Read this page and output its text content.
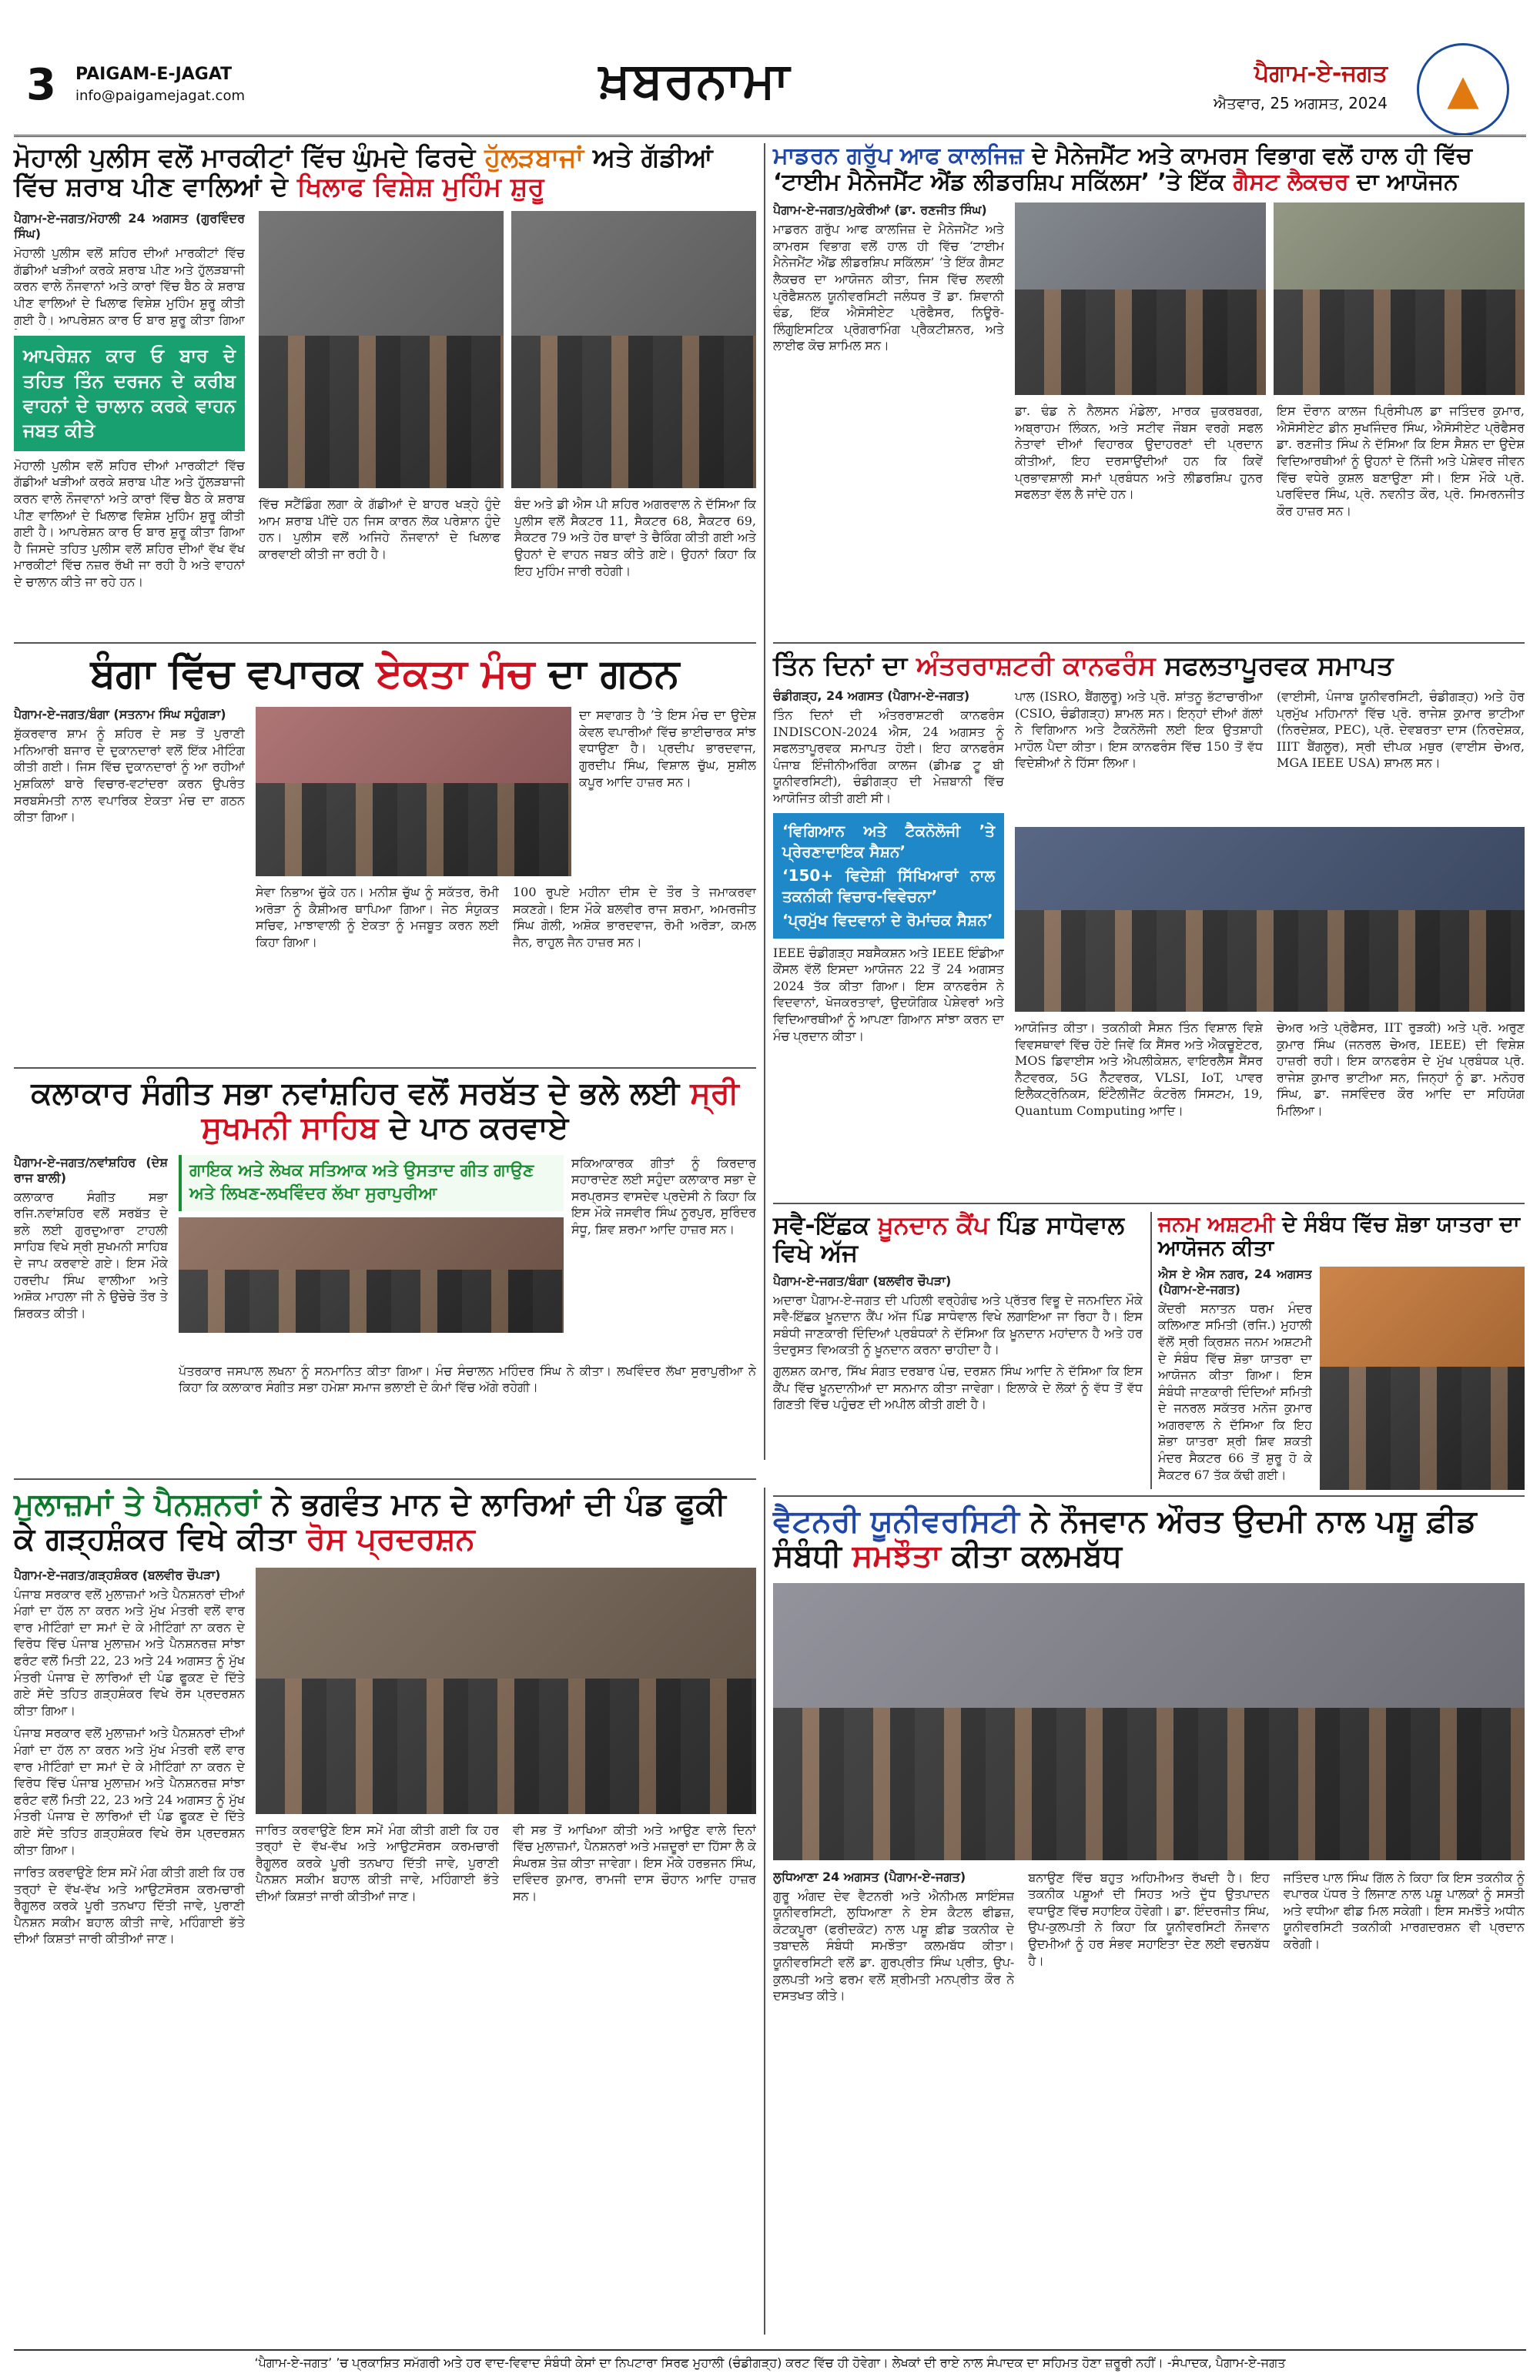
3 PAIGAM-E-JAGAT
info@paigamejagat.com	ਖ਼ਬਰਨਾਮਾ	ਪੈਗਾਮ-ਏ-ਜਗਤ
ਐਤਵਾਰ, 25 ਅਗਸਤ, 2024	▲
ਮੋਹਾਲੀ ਪੁਲੀਸ ਵਲੋਂ ਮਾਰਕੀਟਾਂ ਵਿੱਚ ਘੁੰਮਦੇ ਫਿਰਦੇ ਹੁੱਲੜਬਾਜਾਂ ਅਤੇ ਗੱਡੀਆਂ ਵਿੱਚ ਸ਼ਰਾਬ ਪੀਣ ਵਾਲਿਆਂ ਦੇ ਖਿਲਾਫ ਵਿਸ਼ੇਸ਼ ਮੁਹਿੰਮ ਸ਼ੁਰੂ
ਪੈਗਾਮ-ਏ-ਜਗਤ/ਮੋਹਾਲੀ 24 ਅਗਸਤ (ਗੁਰਵਿੰਦਰ ਸਿੰਘ)
ਮੋਹਾਲੀ ਪੁਲੀਸ ਵਲੋਂ ਸ਼ਹਿਰ ਦੀਆਂ ਮਾਰਕੀਟਾਂ ਵਿੱਚ ਗੱਡੀਆਂ ਖੜੀਆਂ ਕਰਕੇ ਸ਼ਰਾਬ ਪੀਣ ਅਤੇ ਹੁੱਲੜਬਾਜੀ ਕਰਨ ਵਾਲੇ ਨੌਜਵਾਨਾਂ ਅਤੇ ਕਾਰਾਂ ਵਿੱਚ ਬੈਠ ਕੇ ਸ਼ਰਾਬ ਪੀਣ ਵਾਲਿਆਂ ਦੇ ਖਿਲਾਫ ਵਿਸ਼ੇਸ਼ ਮੁਹਿੰਮ ਸ਼ੁਰੂ ਕੀਤੀ ਗਈ ਹੈ। ਆਪਰੇਸ਼ਨ ਕਾਰ ਓ ਬਾਰ ਸ਼ੁਰੂ ਕੀਤਾ ਗਿਆ
ਆਪਰੇਸ਼ਨ ਕਾਰ ਓ ਬਾਰ ਦੇ ਤਹਿਤ ਤਿੰਨ ਦਰਜਨ ਦੇ ਕਰੀਬ ਵਾਹਨਾਂ ਦੇ ਚਾਲਾਨ ਕਰਕੇ ਵਾਹਨ ਜਬਤ ਕੀਤੇ
ਮੋਹਾਲੀ ਪੁਲੀਸ ਵਲੋਂ ਸ਼ਹਿਰ ਦੀਆਂ ਮਾਰਕੀਟਾਂ ਵਿੱਚ ਗੱਡੀਆਂ ਖੜੀਆਂ ਕਰਕੇ ਸ਼ਰਾਬ ਪੀਣ ਅਤੇ ਹੁੱਲੜਬਾਜੀ ਕਰਨ ਵਾਲੇ ਨੌਜਵਾਨਾਂ ਅਤੇ ਕਾਰਾਂ ਵਿੱਚ ਬੈਠ ਕੇ ਸ਼ਰਾਬ ਪੀਣ ਵਾਲਿਆਂ ਦੇ ਖਿਲਾਫ ਵਿਸ਼ੇਸ਼ ਮੁਹਿੰਮ ਸ਼ੁਰੂ ਕੀਤੀ ਗਈ ਹੈ। ਆਪਰੇਸ਼ਨ ਕਾਰ ਓ ਬਾਰ ਸ਼ੁਰੂ ਕੀਤਾ ਗਿਆ ਹੈ ਜਿਸਦੇ ਤਹਿਤ ਪੁਲੀਸ ਵਲੋਂ ਸ਼ਹਿਰ ਦੀਆਂ ਵੱਖ ਵੱਖ ਮਾਰਕੀਟਾਂ ਵਿੱਚ ਨਜ਼ਰ ਰੱਖੀ ਜਾ ਰਹੀ ਹੈ ਅਤੇ ਵਾਹਨਾਂ ਦੇ ਚਾਲਾਨ ਕੀਤੇ ਜਾ ਰਹੇ ਹਨ।
ਵਿੱਚ ਸਟੈਂਡਿੰਗ ਲਗਾ ਕੇ ਗੱਡੀਆਂ ਦੇ ਬਾਹਰ ਖੜ੍ਹੇ ਹੁੰਦੇ ਆਮ ਸ਼ਰਾਬ ਪੀਂਦੇ ਹਨ ਜਿਸ ਕਾਰਨ ਲੋਕ ਪਰੇਸ਼ਾਨ ਹੁੰਦੇ ਹਨ। ਪੁਲੀਸ ਵਲੋਂ ਅਜਿਹੇ ਨੌਜਵਾਨਾਂ ਦੇ ਖਿਲਾਫ ਕਾਰਵਾਈ ਕੀਤੀ ਜਾ ਰਹੀ ਹੈ।
ਬੰਦ ਅਤੇ ਡੀ ਐਸ ਪੀ ਸ਼ਹਿਰ ਅਗਰਵਾਲ ਨੇ ਦੱਸਿਆ ਕਿ ਪੁਲੀਸ ਵਲੋਂ ਸੈਕਟਰ 11, ਸੈਕਟਰ 68, ਸੈਕਟਰ 69, ਸੈਕਟਰ 79 ਅਤੇ ਹੋਰ ਥਾਵਾਂ ਤੇ ਚੈਕਿੰਗ ਕੀਤੀ ਗਈ ਅਤੇ ਉਹਨਾਂ ਦੇ ਵਾਹਨ ਜਬਤ ਕੀਤੇ ਗਏ। ਉਹਨਾਂ ਕਿਹਾ ਕਿ ਇਹ ਮੁਹਿੰਮ ਜਾਰੀ ਰਹੇਗੀ।
ਮਾਡਰਨ ਗਰੁੱਪ ਆਫ ਕਾਲਜਿਜ਼ ਦੇ ਮੈਨੇਜਮੈਂਟ ਅਤੇ ਕਾਮਰਸ ਵਿਭਾਗ ਵਲੋਂ ਹਾਲ ਹੀ ਵਿੱਚ ‘ਟਾਈਮ ਮੈਨੇਜਮੈਂਟ ਐਂਡ ਲੀਡਰਸ਼ਿਪ ਸਕਿੱਲਸ’ ’ਤੇ ਇੱਕ ਗੈਸਟ ਲੈਕਚਰ ਦਾ ਆਯੋਜਨ
ਪੈਗਾਮ-ਏ-ਜਗਤ/ਮੁਕੇਰੀਆਂ (ਡਾ. ਰਣਜੀਤ ਸਿੰਘ)
ਮਾਡਰਨ ਗਰੁੱਪ ਆਫ ਕਾਲਜਿਜ਼ ਦੇ ਮੈਨੇਜਮੈਂਟ ਅਤੇ ਕਾਮਰਸ ਵਿਭਾਗ ਵਲੋਂ ਹਾਲ ਹੀ ਵਿੱਚ ‘ਟਾਈਮ ਮੈਨੇਜਮੈਂਟ ਐਂਡ ਲੀਡਰਸ਼ਿਪ ਸਕਿੱਲਸ’ ’ਤੇ ਇੱਕ ਗੈਸਟ ਲੈਕਚਰ ਦਾ ਆਯੋਜਨ ਕੀਤਾ, ਜਿਸ ਵਿੱਚ ਲਵਲੀ ਪ੍ਰੋਫੈਸ਼ਨਲ ਯੂਨੀਵਰਸਿਟੀ ਜਲੰਧਰ ਤੋਂ ਡਾ. ਸ਼ਿਵਾਨੀ ਢੰਡ, ਇੱਕ ਐਸੋਸੀਏਟ ਪ੍ਰੋਫੈਸਰ, ਨਿਊਰੋ-ਲਿੰਗੁਇਸਟਿਕ ਪ੍ਰੋਗਰਾਮਿੰਗ ਪ੍ਰੈਕਟੀਸ਼ਨਰ, ਅਤੇ ਲਾਈਫ ਕੋਚ ਸ਼ਾਮਿਲ ਸਨ।
ਡਾ. ਢੰਡ ਨੇ ਨੈਲਸਨ ਮੰਡੇਲਾ, ਮਾਰਕ ਜ਼ੁਕਰਬਰਗ, ਅਬ੍ਰਾਹਮ ਲਿੰਕਨ, ਅਤੇ ਸਟੀਵ ਜੌਬਸ ਵਰਗੇ ਸਫਲ ਨੇਤਾਵਾਂ ਦੀਆਂ ਵਿਹਾਰਕ ਉਦਾਹਰਣਾਂ ਦੀ ਪ੍ਰਦਾਨ ਕੀਤੀਆਂ, ਇਹ ਦਰਸਾਉਂਦੀਆਂ ਹਨ ਕਿ ਕਿਵੇਂ ਪ੍ਰਭਾਵਸ਼ਾਲੀ ਸਮਾਂ ਪ੍ਰਬੰਧਨ ਅਤੇ ਲੀਡਰਸ਼ਿਪ ਹੁਨਰ ਸਫਲਤਾ ਵੱਲ ਲੈ ਜਾਂਦੇ ਹਨ।
ਇਸ ਦੌਰਾਨ ਕਾਲਜ ਪ੍ਰਿੰਸੀਪਲ ਡਾ ਜਤਿੰਦਰ ਕੁਮਾਰ, ਐਸੋਸੀਏਟ ਡੀਨ ਸੁਖਜਿੰਦਰ ਸਿੰਘ, ਐਸੋਸੀਏਟ ਪ੍ਰੋਫੈਸਰ ਡਾ. ਰਣਜੀਤ ਸਿੰਘ ਨੇ ਦੱਸਿਆ ਕਿ ਇਸ ਸੈਸ਼ਨ ਦਾ ਉਦੇਸ਼ ਵਿਦਿਆਰਥੀਆਂ ਨੂੰ ਉਹਨਾਂ ਦੇ ਨਿੱਜੀ ਅਤੇ ਪੇਸ਼ੇਵਰ ਜੀਵਨ ਵਿੱਚ ਵਧੇਰੇ ਕੁਸ਼ਲ ਬਣਾਉਣਾ ਸੀ। ਇਸ ਮੌਕੇ ਪ੍ਰੋ. ਪਰਵਿੰਦਰ ਸਿੰਘ, ਪ੍ਰੋ. ਨਵਨੀਤ ਕੌਰ, ਪ੍ਰੋ. ਸਿਮਰਨਜੀਤ ਕੌਰ ਹਾਜ਼ਰ ਸਨ।
ਬੰਗਾ ਵਿੱਚ ਵਪਾਰਕ ਏਕਤਾ ਮੰਚ ਦਾ ਗਠਨ
ਪੈਗਾਮ-ਏ-ਜਗਤ/ਬੰਗਾ (ਸਤਨਾਮ ਸਿੰਘ ਸਹੁੰਗੜਾ)
ਸ਼ੁੱਕਰਵਾਰ ਸ਼ਾਮ ਨੂੰ ਸ਼ਹਿਰ ਦੇ ਸਭ ਤੋਂ ਪੁਰਾਣੀ ਮਨਿਆਰੀ ਬਜਾਰ ਦੇ ਦੁਕਾਨਦਾਰਾਂ ਵਲੋਂ ਇੱਕ ਮੀਟਿੰਗ ਕੀਤੀ ਗਈ। ਜਿਸ ਵਿੱਚ ਦੁਕਾਨਦਾਰਾਂ ਨੂੰ ਆ ਰਹੀਆਂ ਮੁਸ਼ਕਿਲਾਂ ਬਾਰੇ ਵਿਚਾਰ-ਵਟਾਂਦਰਾ ਕਰਨ ਉਪਰੰਤ ਸਰਬਸੰਮਤੀ ਨਾਲ ਵਪਾਰਿਕ ਏਕਤਾ ਮੰਚ ਦਾ ਗਠਨ ਕੀਤਾ ਗਿਆ।
ਦਾ ਸਵਾਗਤ ਹੈ ’ਤੇ ਇਸ ਮੰਚ ਦਾ ਉਦੇਸ਼ ਕੇਵਲ ਵਪਾਰੀਆਂ ਵਿੱਚ ਭਾਈਚਾਰਕ ਸਾਂਝ ਵਧਾਉਣਾ ਹੈ। ਪ੍ਰਦੀਪ ਭਾਰਦਵਾਜ, ਗੁਰਦੀਪ ਸਿੰਘ, ਵਿਸ਼ਾਲ ਚੁੱਘ, ਸੁਸ਼ੀਲ ਕਪੂਰ ਆਦਿ ਹਾਜ਼ਰ ਸਨ।
ਸੇਵਾ ਨਿਭਾਅ ਚੁੱਕੇ ਹਨ। ਮਨੀਸ਼ ਚੁੱਘ ਨੂੰ ਸਕੱਤਰ, ਰੋਮੀ ਅਰੋੜਾ ਨੂੰ ਕੈਸ਼ੀਅਰ ਥਾਪਿਆ ਗਿਆ। ਜੇਠ ਸੰਯੁਕਤ ਸਚਿਵ, ਮਾਝਾਵਾਲੀ ਨੂੰ ਏਕਤਾ ਨੂੰ ਮਜਬੂਤ ਕਰਨ ਲਈ ਕਿਹਾ ਗਿਆ।
100 ਰੁਪਏ ਮਹੀਨਾ ਦੀਸ ਦੇ ਤੌਰ ਤੇ ਜਮਾਕਰਵਾ ਸਕਣਗੇ। ਇਸ ਮੌਕੇ ਬਲਵੀਰ ਰਾਜ ਸ਼ਰਮਾ, ਅਮਰਜੀਤ ਸਿੰਘ ਗੋਲੀ, ਅਸ਼ੋਕ ਭਾਰਦਵਾਜ, ਰੋਮੀ ਅਰੋੜਾ, ਕਮਲ ਜੈਨ, ਰਾਹੁਲ ਜੈਨ ਹਾਜ਼ਰ ਸਨ।
ਤਿੰਨ ਦਿਨਾਂ ਦਾ ਅੰਤਰਰਾਸ਼ਟਰੀ ਕਾਨਫਰੰਸ ਸਫਲਤਾਪੂਰਵਕ ਸਮਾਪਤ
ਚੰਡੀਗੜ੍ਹ, 24 ਅਗਸਤ (ਪੈਗਾਮ-ਏ-ਜਗਤ)
ਤਿੰਨ ਦਿਨਾਂ ਦੀ ਅੰਤਰਰਾਸ਼ਟਰੀ ਕਾਨਫਰੰਸ INDISCON-2024 ਐਸ, 24 ਅਗਸਤ ਨੂੰ ਸਫਲਤਾਪੂਰਵਕ ਸਮਾਪਤ ਹੋਈ। ਇਹ ਕਾਨਫਰੰਸ ਪੰਜਾਬ ਇੰਜੀਨੀਅਰਿੰਗ ਕਾਲਜ (ਡੀਮਡ ਟੂ ਬੀ ਯੂਨੀਵਰਸਿਟੀ), ਚੰਡੀਗੜ੍ਹ ਦੀ ਮੇਜ਼ਬਾਨੀ ਵਿੱਚ ਆਯੋਜਿਤ ਕੀਤੀ ਗਈ ਸੀ।
‘ਵਿਗਿਆਨ ਅਤੇ ਟੈਕਨੋਲੋਜੀ ’ਤੇ ਪ੍ਰੇਰਣਾਦਾਇਕ ਸੈਸ਼ਨ’
‘150+ ਵਿਦੇਸ਼ੀ ਸਿੱਖਿਆਰਾਂ ਨਾਲ ਤਕਨੀਕੀ ਵਿਚਾਰ-ਵਿਵੇਚਨਾ’
‘ਪ੍ਰਮੁੱਖ ਵਿਦਵਾਨਾਂ ਦੇ ਰੋਮਾਂਚਕ ਸੈਸ਼ਨ’
IEEE ਚੰਡੀਗੜ੍ਹ ਸਬਸੈਕਸ਼ਨ ਅਤੇ IEEE ਇੰਡੀਆ ਕੌਂਸਲ ਵੱਲੋਂ ਇਸਦਾ ਆਯੋਜਨ 22 ਤੋਂ 24 ਅਗਸਤ 2024 ਤੱਕ ਕੀਤਾ ਗਿਆ। ਇਸ ਕਾਨਫਰੰਸ ਨੇ ਵਿਦਵਾਨਾਂ, ਖੋਜਕਰਤਾਵਾਂ, ਉਦਯੋਗਿਕ ਪੇਸ਼ੇਵਰਾਂ ਅਤੇ ਵਿਦਿਆਰਥੀਆਂ ਨੂੰ ਆਪਣਾ ਗਿਆਨ ਸਾਂਝਾ ਕਰਨ ਦਾ ਮੰਚ ਪ੍ਰਦਾਨ ਕੀਤਾ।
ਪਾਲ (ISRO, ਬੈਂਗਲੁਰੂ) ਅਤੇ ਪ੍ਰੋ. ਸ਼ਾਂਤਨੂ ਭੱਟਾਚਾਰੀਆ (CSIO, ਚੰਡੀਗੜ੍ਹ) ਸ਼ਾਮਲ ਸਨ। ਇਨ੍ਹਾਂ ਦੀਆਂ ਗੱਲਾਂ ਨੇ ਵਿਗਿਆਨ ਅਤੇ ਟੈਕਨੋਲੋਜੀ ਲਈ ਇਕ ਉਤਸ਼ਾਹੀ ਮਾਹੌਲ ਪੈਦਾ ਕੀਤਾ। ਇਸ ਕਾਨਫਰੰਸ ਵਿੱਚ 150 ਤੋਂ ਵੱਧ ਵਿਦੇਸ਼ੀਆਂ ਨੇ ਹਿੱਸਾ ਲਿਆ।
(ਵਾਈਸੀ, ਪੰਜਾਬ ਯੂਨੀਵਰਸਿਟੀ, ਚੰਡੀਗੜ੍ਹ) ਅਤੇ ਹੋਰ ਪ੍ਰਮੁੱਖ ਮਹਿਮਾਨਾਂ ਵਿੱਚ ਪ੍ਰੋ. ਰਾਜੇਸ਼ ਕੁਮਾਰ ਭਾਟੀਆ (ਨਿਰਦੇਸ਼ਕ, PEC), ਪ੍ਰੋ. ਦੇਵਬਰਤਾ ਦਾਸ (ਨਿਰਦੇਸ਼ਕ, IIIT ਬੈਂਗਲੂਰ), ਸ੍ਰੀ ਦੀਪਕ ਮਥੁਰ (ਵਾਈਸ ਚੇਅਰ, MGA IEEE USA) ਸ਼ਾਮਲ ਸਨ।
ਆਯੋਜਿਤ ਕੀਤਾ। ਤਕਨੀਕੀ ਸੈਸ਼ਨ ਤਿੰਨ ਵਿਸ਼ਾਲ ਵਿਸ਼ੇ ਵਿਵਸਥਾਵਾਂ ਵਿੱਚ ਹੋਏ ਜਿਵੇਂ ਕਿ ਸੈਂਸਰ ਅਤੇ ਐਕਚੂਏਟਰ, MOS ਡਿਵਾਈਸ ਅਤੇ ਐਪਲੀਕੇਸ਼ਨ, ਵਾਇਰਲੈਸ ਸੈਂਸਰ ਨੈੱਟਵਰਕ, 5G ਨੈੱਟਵਰਕ, VLSI, IoT, ਪਾਵਰ ਇਲੈਕਟ੍ਰੋਨਿਕਸ, ਇੰਟੈਲੀਜੈਂਟ ਕੰਟਰੋਲ ਸਿਸਟਮ, 19, Quantum Computing ਆਦਿ।
ਚੇਅਰ ਅਤੇ ਪ੍ਰੋਫੈਸਰ, IIT ਰੁੜਕੀ) ਅਤੇ ਪ੍ਰੋ. ਅਰੁਣ ਕੁਮਾਰ ਸਿੰਘ (ਜਨਰਲ ਚੇਅਰ, IEEE) ਦੀ ਵਿਸ਼ੇਸ਼ ਹਾਜ਼ਰੀ ਰਹੀ। ਇਸ ਕਾਨਫਰੰਸ ਦੇ ਮੁੱਖ ਪ੍ਰਬੰਧਕ ਪ੍ਰੋ. ਰਾਜੇਸ਼ ਕੁਮਾਰ ਭਾਟੀਆ ਸਨ, ਜਿਨ੍ਹਾਂ ਨੂੰ ਡਾ. ਮਨੋਹਰ ਸਿੰਘ, ਡਾ. ਜਸਵਿੰਦਰ ਕੌਰ ਆਦਿ ਦਾ ਸਹਿਯੋਗ ਮਿਲਿਆ।
ਕਲਾਕਾਰ ਸੰਗੀਤ ਸਭਾ ਨਵਾਂਸ਼ਹਿਰ ਵਲੋਂ ਸਰਬੱਤ ਦੇ ਭਲੇ ਲਈ ਸ੍ਰੀ ਸੁਖਮਨੀ ਸਾਹਿਬ ਦੇ ਪਾਠ ਕਰਵਾਏ
ਪੈਗਾਮ-ਏ-ਜਗਤ/ਨਵਾਂਸ਼ਹਿਰ (ਦੇਸ਼ ਰਾਜ ਬਾਲੀ)
ਕਲਾਕਾਰ ਸੰਗੀਤ ਸਭਾ ਰਜਿ.ਨਵਾਂਸ਼ਹਿਰ ਵਲੋਂ ਸਰਬੱਤ ਦੇ ਭਲੇ ਲਈ ਗੁਰਦੁਆਰਾ ਟਾਹਲੀ ਸਾਹਿਬ ਵਿਖੇ ਸ੍ਰੀ ਸੁਖਮਨੀ ਸਾਹਿਬ ਦੇ ਜਾਪ ਕਰਵਾਏ ਗਏ। ਇਸ ਮੌਕੇ ਹਰਦੀਪ ਸਿੰਘ ਵਾਲੀਆ ਅਤੇ ਅਸ਼ੋਕ ਮਾਹਲਾ ਜੀ ਨੇ ਉਚੇਚੇ ਤੌਰ ਤੇ ਸ਼ਿਰਕਤ ਕੀਤੀ।
ਗਾਇਕ ਅਤੇ ਲੇਖਕ ਸਤਿਆਕ ਅਤੇ ਉਸਤਾਦ ਗੀਤ ਗਾਉਣ ਅਤੇ ਲਿਖਣ-ਲਖਵਿੰਦਰ ਲੱਖਾ ਸੁਰਾਪੁਰੀਆ
ਸਕਿਆਕਾਰਕ ਗੀਤਾਂ ਨੂੰ ਕਿਰਦਾਰ ਸਹਾਰਾਦੇਣ ਲਈ ਸਹੁੰਦਾ ਕਲਾਕਾਰ ਸਭਾ ਦੇ ਸਰਪ੍ਰਸਤ ਵਾਸਦੇਵ ਪ੍ਰਦੇਸੀ ਨੇ ਕਿਹਾ ਕਿ ਇਸ ਮੌਕੇ ਜਸਵੀਰ ਸਿੰਘ ਨੂਰਪੁਰ, ਸੁਰਿੰਦਰ ਸੰਧੂ, ਸ਼ਿਵ ਸ਼ਰਮਾ ਆਦਿ ਹਾਜ਼ਰ ਸਨ।
ਪੱਤਰਕਾਰ ਜਸਪਾਲ ਲਖਨਾ ਨੂੰ ਸਨਮਾਨਿਤ ਕੀਤਾ ਗਿਆ। ਮੰਚ ਸੰਚਾਲਨ ਮਹਿੰਦਰ ਸਿੰਘ ਨੇ ਕੀਤਾ। ਲਖਵਿੰਦਰ ਲੱਖਾ ਸੁਰਾਪੁਰੀਆ ਨੇ ਕਿਹਾ ਕਿ ਕਲਾਕਾਰ ਸੰਗੀਤ ਸਭਾ ਹਮੇਸ਼ਾ ਸਮਾਜ ਭਲਾਈ ਦੇ ਕੰਮਾਂ ਵਿੱਚ ਅੱਗੇ ਰਹੇਗੀ।
ਸਵੈ-ਇੱਛਕ ਖ਼ੂਨਦਾਨ ਕੈਂਪ ਪਿੰਡ ਸਾਧੋਵਾਲ ਵਿਖੇ ਅੱਜ
ਪੈਗਾਮ-ਏ-ਜਗਤ/ਬੰਗਾ (ਬਲਵੀਰ ਚੌਪੜਾ)
ਅਦਾਰਾ ਪੈਗਾਮ-ਏ-ਜਗਤ ਦੀ ਪਹਿਲੀ ਵਰ੍ਹੇਗੰਢ ਅਤੇ ਪ੍ਰੱਤਰ ਵਿਭੂ ਦੇ ਜਨਮਦਿਨ ਮੌਕੇ ਸਵੈ-ਇੱਛਕ ਖ਼ੂਨਦਾਨ ਕੈਂਪ ਅੱਜ ਪਿੰਡ ਸਾਧੋਵਾਲ ਵਿਖੇ ਲਗਾਇਆ ਜਾ ਰਿਹਾ ਹੈ। ਇਸ ਸਬੰਧੀ ਜਾਣਕਾਰੀ ਦਿੰਦਿਆਂ ਪ੍ਰਬੰਧਕਾਂ ਨੇ ਦੱਸਿਆ ਕਿ ਖ਼ੂਨਦਾਨ ਮਹਾਂਦਾਨ ਹੈ ਅਤੇ ਹਰ ਤੰਦਰੁਸਤ ਵਿਅਕਤੀ ਨੂੰ ਖ਼ੂਨਦਾਨ ਕਰਨਾ ਚਾਹੀਦਾ ਹੈ।
ਗੁਲਸ਼ਨ ਕਮਾਰ, ਸਿੱਖ ਸੰਗਤ ਦਰਬਾਰ ਪੰਚ, ਦਰਸ਼ਨ ਸਿੰਘ ਆਦਿ ਨੇ ਦੱਸਿਆ ਕਿ ਇਸ ਕੈਂਪ ਵਿੱਚ ਖ਼ੂਨਦਾਨੀਆਂ ਦਾ ਸਨਮਾਨ ਕੀਤਾ ਜਾਵੇਗਾ। ਇਲਾਕੇ ਦੇ ਲੋਕਾਂ ਨੂੰ ਵੱਧ ਤੋਂ ਵੱਧ ਗਿਣਤੀ ਵਿੱਚ ਪਹੁੰਚਣ ਦੀ ਅਪੀਲ ਕੀਤੀ ਗਈ ਹੈ।
ਜਨਮ ਅਸ਼ਟਮੀ ਦੇ ਸੰਬੰਧ ਵਿੱਚ ਸ਼ੋਭਾ ਯਾਤਰਾ ਦਾ ਆਯੋਜਨ ਕੀਤਾ
ਐਸ ਏ ਐਸ ਨਗਰ, 24 ਅਗਸਤ (ਪੈਗਾਮ-ਏ-ਜਗਤ)
ਕੇਂਦਰੀ ਸਨਾਤਨ ਧਰਮ ਮੰਦਰ ਕਲਿਆਣ ਸਮਿਤੀ (ਰਜਿ.) ਮੁਹਾਲੀ ਵੱਲੋਂ ਸ੍ਰੀ ਕ੍ਰਿਸ਼ਨ ਜਨਮ ਅਸ਼ਟਮੀ ਦੇ ਸੰਬੰਧ ਵਿੱਚ ਸ਼ੋਭਾ ਯਾਤਰਾ ਦਾ ਆਯੋਜਨ ਕੀਤਾ ਗਿਆ। ਇਸ ਸੰਬੰਧੀ ਜਾਣਕਾਰੀ ਦਿੰਦਿਆਂ ਸਮਿਤੀ ਦੇ ਜਨਰਲ ਸਕੱਤਰ ਮਨੋਜ ਕੁਮਾਰ ਅਗਰਵਾਲ ਨੇ ਦੱਸਿਆ ਕਿ ਇਹ ਸ਼ੋਭਾ ਯਾਤਰਾ ਸ਼੍ਰੀ ਸ਼ਿਵ ਸ਼ਕਤੀ ਮੰਦਰ ਸੈਕਟਰ 66 ਤੋਂ ਸ਼ੁਰੂ ਹੋ ਕੇ ਸੈਕਟਰ 67 ਤੱਕ ਕੱਢੀ ਗਈ।
ਮੁਲਾਜ਼ਮਾਂ ਤੇ ਪੈਨਸ਼ਨਰਾਂ ਨੇ ਭਗਵੰਤ ਮਾਨ ਦੇ ਲਾਰਿਆਂ ਦੀ ਪੰਡ ਫੂਕੀ ਕੇ ਗੜ੍ਹਸ਼ੰਕਰ ਵਿਖੇ ਕੀਤਾ ਰੋਸ ਪ੍ਰਦਰਸ਼ਨ
ਪੈਗਾਮ-ਏ-ਜਗਤ/ਗੜ੍ਹਸ਼ੰਕਰ (ਬਲਵੀਰ ਚੌਪੜਾ)
ਪੰਜਾਬ ਸਰਕਾਰ ਵਲੋਂ ਮੁਲਾਜ਼ਮਾਂ ਅਤੇ ਪੈਨਸ਼ਨਰਾਂ ਦੀਆਂ ਮੰਗਾਂ ਦਾ ਹੱਲ ਨਾ ਕਰਨ ਅਤੇ ਮੁੱਖ ਮੰਤਰੀ ਵਲੋਂ ਵਾਰ ਵਾਰ ਮੀਟਿੰਗਾਂ ਦਾ ਸਮਾਂ ਦੇ ਕੇ ਮੀਟਿੰਗਾਂ ਨਾ ਕਰਨ ਦੇ ਵਿਰੋਧ ਵਿੱਚ ਪੰਜਾਬ ਮੁਲਾਜ਼ਮ ਅਤੇ ਪੈਨਸ਼ਨਰਜ਼ ਸਾਂਝਾ ਫਰੰਟ ਵਲੋਂ ਮਿਤੀ 22, 23 ਅਤੇ 24 ਅਗਸਤ ਨੂੰ ਮੁੱਖ ਮੰਤਰੀ ਪੰਜਾਬ ਦੇ ਲਾਰਿਆਂ ਦੀ ਪੰਡ ਫੂਕਣ ਦੇ ਦਿੱਤੇ ਗਏ ਸੱਦੇ ਤਹਿਤ ਗੜ੍ਹਸ਼ੰਕਰ ਵਿਖੇ ਰੋਸ ਪ੍ਰਦਰਸ਼ਨ ਕੀਤਾ ਗਿਆ।
ਪੰਜਾਬ ਸਰਕਾਰ ਵਲੋਂ ਮੁਲਾਜ਼ਮਾਂ ਅਤੇ ਪੈਨਸ਼ਨਰਾਂ ਦੀਆਂ ਮੰਗਾਂ ਦਾ ਹੱਲ ਨਾ ਕਰਨ ਅਤੇ ਮੁੱਖ ਮੰਤਰੀ ਵਲੋਂ ਵਾਰ ਵਾਰ ਮੀਟਿੰਗਾਂ ਦਾ ਸਮਾਂ ਦੇ ਕੇ ਮੀਟਿੰਗਾਂ ਨਾ ਕਰਨ ਦੇ ਵਿਰੋਧ ਵਿੱਚ ਪੰਜਾਬ ਮੁਲਾਜ਼ਮ ਅਤੇ ਪੈਨਸ਼ਨਰਜ਼ ਸਾਂਝਾ ਫਰੰਟ ਵਲੋਂ ਮਿਤੀ 22, 23 ਅਤੇ 24 ਅਗਸਤ ਨੂੰ ਮੁੱਖ ਮੰਤਰੀ ਪੰਜਾਬ ਦੇ ਲਾਰਿਆਂ ਦੀ ਪੰਡ ਫੂਕਣ ਦੇ ਦਿੱਤੇ ਗਏ ਸੱਦੇ ਤਹਿਤ ਗੜ੍ਹਸ਼ੰਕਰ ਵਿਖੇ ਰੋਸ ਪ੍ਰਦਰਸ਼ਨ ਕੀਤਾ ਗਿਆ।
ਜਾਰਿਤ ਕਰਵਾਉਣੇ ਇਸ ਸਮੇਂ ਮੰਗ ਕੀਤੀ ਗਈ ਕਿ ਹਰ ਤਰ੍ਹਾਂ ਦੇ ਵੱਖ-ਵੱਖ ਅਤੇ ਆਉਟਸੋਰਸ ਕਰਮਚਾਰੀ ਰੈਗੂਲਰ ਕਰਕੇ ਪੂਰੀ ਤਨਖਾਹ ਦਿੱਤੀ ਜਾਵੇ, ਪੁਰਾਣੀ ਪੈਨਸ਼ਨ ਸਕੀਮ ਬਹਾਲ ਕੀਤੀ ਜਾਵੇ, ਮਹਿੰਗਾਈ ਭੱਤੇ ਦੀਆਂ ਕਿਸ਼ਤਾਂ ਜਾਰੀ ਕੀਤੀਆਂ ਜਾਣ।
ਜਾਰਿਤ ਕਰਵਾਉਣੇ ਇਸ ਸਮੇਂ ਮੰਗ ਕੀਤੀ ਗਈ ਕਿ ਹਰ ਤਰ੍ਹਾਂ ਦੇ ਵੱਖ-ਵੱਖ ਅਤੇ ਆਉਟਸੋਰਸ ਕਰਮਚਾਰੀ ਰੈਗੂਲਰ ਕਰਕੇ ਪੂਰੀ ਤਨਖਾਹ ਦਿੱਤੀ ਜਾਵੇ, ਪੁਰਾਣੀ ਪੈਨਸ਼ਨ ਸਕੀਮ ਬਹਾਲ ਕੀਤੀ ਜਾਵੇ, ਮਹਿੰਗਾਈ ਭੱਤੇ ਦੀਆਂ ਕਿਸ਼ਤਾਂ ਜਾਰੀ ਕੀਤੀਆਂ ਜਾਣ।
ਵੀ ਸਭ ਤੋਂ ਆਖਿਆ ਕੀਤੀ ਅਤੇ ਆਉਣ ਵਾਲੇ ਦਿਨਾਂ ਵਿੱਚ ਮੁਲਾਜ਼ਮਾਂ, ਪੈਨਸ਼ਨਰਾਂ ਅਤੇ ਮਜ਼ਦੂਰਾਂ ਦਾ ਹਿੱਸਾ ਲੈ ਕੇ ਸੰਘਰਸ਼ ਤੇਜ਼ ਕੀਤਾ ਜਾਵੇਗਾ। ਇਸ ਮੌਕੇ ਹਰਭਜਨ ਸਿੰਘ, ਦਵਿੰਦਰ ਕੁਮਾਰ, ਰਾਮਜੀ ਦਾਸ ਚੌਹਾਨ ਆਦਿ ਹਾਜ਼ਰ ਸਨ।
ਵੈਟਨਰੀ ਯੂਨੀਵਰਸਿਟੀ ਨੇ ਨੌਜਵਾਨ ਔਰਤ ਉਦਮੀ ਨਾਲ ਪਸ਼ੂ ਫ਼ੀਡ ਸੰਬੰਧੀ ਸਮਝੌਤਾ ਕੀਤਾ ਕਲਮਬੱਧ
ਲੁਧਿਆਣਾ 24 ਅਗਸਤ (ਪੈਗਾਮ-ਏ-ਜਗਤ)
ਗੁਰੂ ਅੰਗਦ ਦੇਵ ਵੈਟਨਰੀ ਅਤੇ ਐਨੀਮਲ ਸਾਇੰਸਜ਼ ਯੂਨੀਵਰਸਿਟੀ, ਲੁਧਿਆਣਾ ਨੇ ਏਸ ਕੈਟਲ ਫੀਡਜ਼, ਕੋਟਕਪੂਰਾ (ਫਰੀਦਕੋਟ) ਨਾਲ ਪਸ਼ੂ ਫ਼ੀਡ ਤਕਨੀਕ ਦੇ ਤਬਾਦਲੇ ਸੰਬੰਧੀ ਸਮਝੌਤਾ ਕਲਮਬੱਧ ਕੀਤਾ। ਯੂਨੀਵਰਸਿਟੀ ਵਲੋਂ ਡਾ. ਗੁਰਪ੍ਰੀਤ ਸਿੰਘ ਪ੍ਰੀਤ, ਉਪ-ਕੁਲਪਤੀ ਅਤੇ ਫਰਮ ਵਲੋਂ ਸ਼੍ਰੀਮਤੀ ਮਨਪ੍ਰੀਤ ਕੌਰ ਨੇ ਦਸਤਖਤ ਕੀਤੇ।
ਬਨਾਉਣ ਵਿੱਚ ਬਹੁਤ ਅਹਿਮੀਅਤ ਰੱਖਦੀ ਹੈ। ਇਹ ਤਕਨੀਕ ਪਸ਼ੂਆਂ ਦੀ ਸਿਹਤ ਅਤੇ ਦੁੱਧ ਉਤਪਾਦਨ ਵਧਾਉਣ ਵਿੱਚ ਸਹਾਇਕ ਹੋਵੇਗੀ। ਡਾ. ਇੰਦਰਜੀਤ ਸਿੰਘ, ਉਪ-ਕੁਲਪਤੀ ਨੇ ਕਿਹਾ ਕਿ ਯੂਨੀਵਰਸਿਟੀ ਨੌਜਵਾਨ ਉਦਮੀਆਂ ਨੂੰ ਹਰ ਸੰਭਵ ਸਹਾਇਤਾ ਦੇਣ ਲਈ ਵਚਨਬੱਧ ਹੈ।
ਜਤਿੰਦਰ ਪਾਲ ਸਿੰਘ ਗਿੱਲ ਨੇ ਕਿਹਾ ਕਿ ਇਸ ਤਕਨੀਕ ਨੂੰ ਵਪਾਰਕ ਪੱਧਰ ਤੇ ਲਿਜਾਣ ਨਾਲ ਪਸ਼ੂ ਪਾਲਕਾਂ ਨੂੰ ਸਸਤੀ ਅਤੇ ਵਧੀਆ ਫੀਡ ਮਿਲ ਸਕੇਗੀ। ਇਸ ਸਮਝੌਤੇ ਅਧੀਨ ਯੂਨੀਵਰਸਿਟੀ ਤਕਨੀਕੀ ਮਾਰਗਦਰਸ਼ਨ ਵੀ ਪ੍ਰਦਾਨ ਕਰੇਗੀ।
‘ਪੈਗਾਮ-ਏ-ਜਗਤ’ ’ਚ ਪ੍ਰਕਾਸ਼ਿਤ ਸਮੱਗਰੀ ਅਤੇ ਹਰ ਵਾਦ-ਵਿਵਾਦ ਸੰਬੰਧੀ ਕੇਸਾਂ ਦਾ ਨਿਪਟਾਰਾ ਸਿਰਫ ਮੁਹਾਲੀ (ਚੰਡੀਗੜ੍ਹ) ਕਰਟ ਵਿੱਚ ਹੀ ਹੋਵੇਗਾ। ਲੇਖਕਾਂ ਦੀ ਰਾਏ ਨਾਲ ਸੰਪਾਦਕ ਦਾ ਸਹਿਮਤ ਹੋਣਾ ਜ਼ਰੂਰੀ ਨਹੀਂ। -ਸੰਪਾਦਕ, ਪੈਗਾਮ-ਏ-ਜਗਤ
